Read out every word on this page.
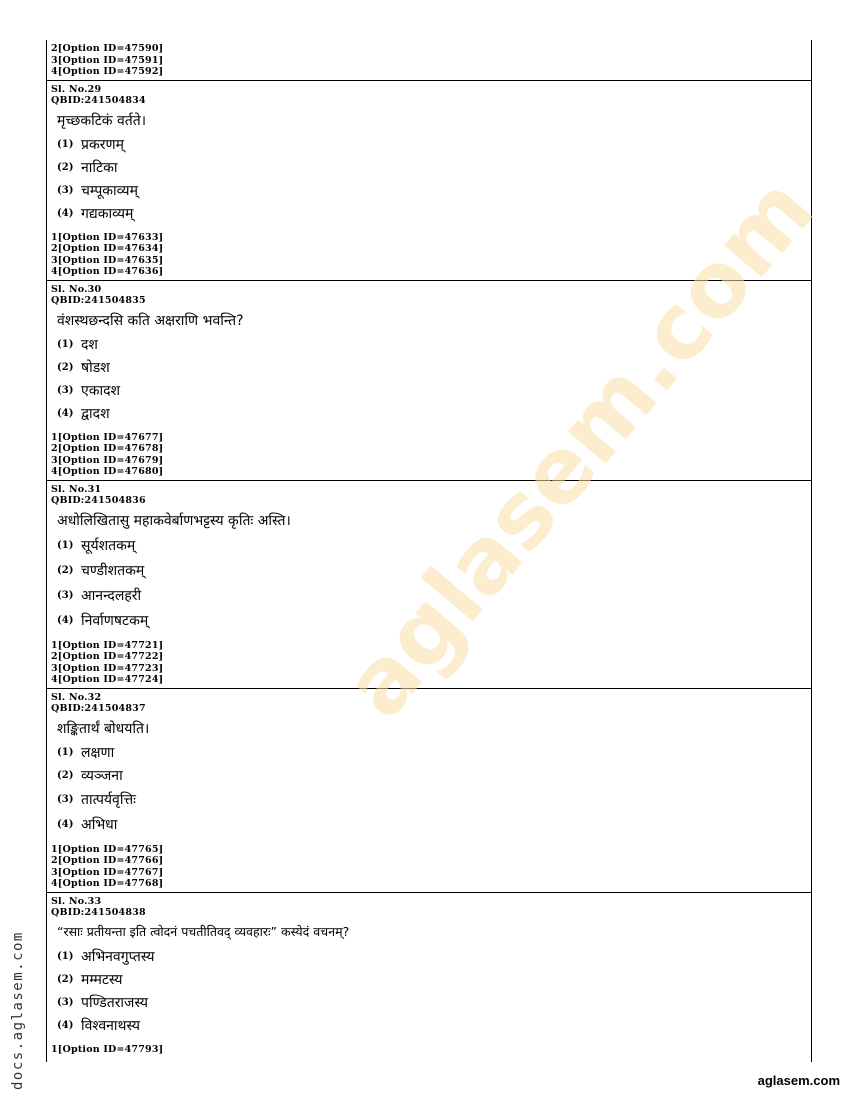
2[Option ID=47590]
3[Option ID=47591]
4[Option ID=47592]
Sl. No.29
QBID:241504834
मृच्छकटिकं वर्तते।
(1) प्रकरणम्
(2) नाटिका
(3) चम्पूकाव्यम्
(4) गद्यकाव्यम्
1[Option ID=47633]
2[Option ID=47634]
3[Option ID=47635]
4[Option ID=47636]
Sl. No.30
QBID:241504835
वंशस्थछन्दसि कति अक्षराणि भवन्ति?
(1) दश
(2) षोडश
(3) एकादश
(4) द्वादश
1[Option ID=47677]
2[Option ID=47678]
3[Option ID=47679]
4[Option ID=47680]
Sl. No.31
QBID:241504836
अधोलिखितासु महाकवेर्बाणभट्टस्य कृतिः अस्ति।
(1) सूर्यशतकम्
(2) चण्डीशतकम्
(3) आनन्दलहरी
(4) निर्वाणषटकम्
1[Option ID=47721]
2[Option ID=47722]
3[Option ID=47723]
4[Option ID=47724]
Sl. No.32
QBID:241504837
शङ्कितार्थं बोधयति।
(1) लक्षणा
(2) व्यञ्जना
(3) तात्पर्यवृत्तिः
(4) अभिधा
1[Option ID=47765]
2[Option ID=47766]
3[Option ID=47767]
4[Option ID=47768]
Sl. No.33
QBID:241504838
“रसाः प्रतीयन्ता इति त्वोदनं पचतीतिवद् व्यवहारः” कस्येदं वचनम्?
(1) अभिनवगुप्तस्य
(2) मम्मटस्य
(3) पण्डितराजस्य
(4) विश्वनाथस्य
1[Option ID=47793]
aglasem.com
docs.aglasem.com	aglasem.com
